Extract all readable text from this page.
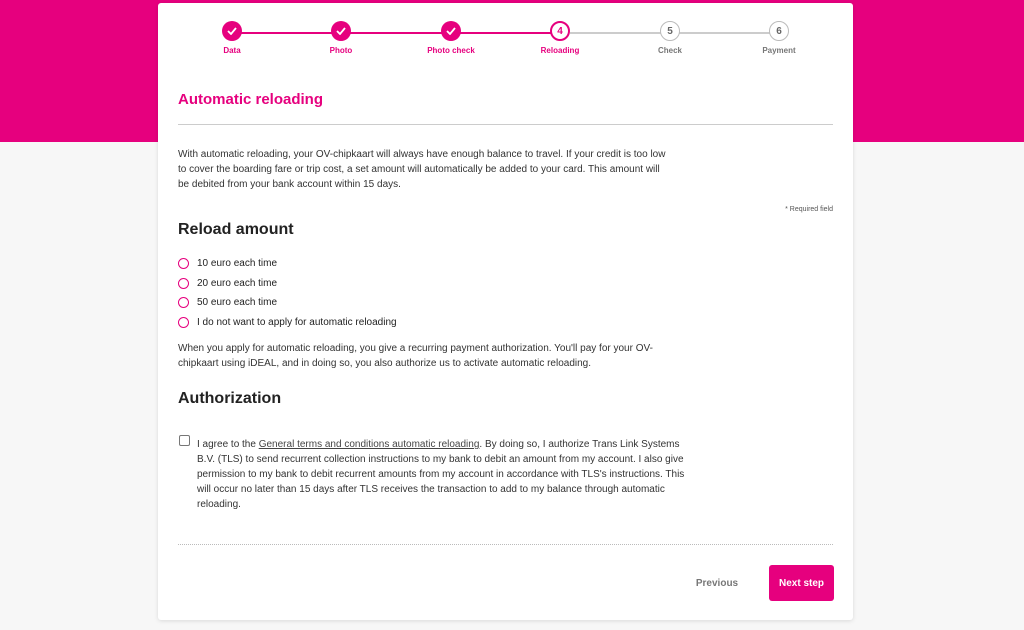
Data	Photo	Photo check
4
Reloading
5
Check
6
Payment
Automatic reloading

With automatic reloading, your OV-chipkaart will always have enough balance to travel. If your credit is too low to cover the boarding fare or trip cost, a set amount will automatically be added to your card. This amount will be debited from your bank account within 15 days.

* Required field
Reload amount
10 euro each time
20 euro each time
50 euro each time
I do not want to apply for automatic reloading

When you apply for automatic reloading, you give a recurring payment authorization. You'll pay for your OV-chipkaart using iDEAL, and in doing so, you also authorize us to activate automatic reloading.

Authorization

I agree to the General terms and conditions automatic reloading. By doing so, I authorize Trans Link Systems B.V. (TLS) to send recurrent collection instructions to my bank to debit an amount from my account. I also give permission to my bank to debit recurrent amounts from my account in accordance with TLS's instructions. This will occur no later than 15 days after TLS receives the transaction to add to my balance through automatic reloading.

Previous	Next step
